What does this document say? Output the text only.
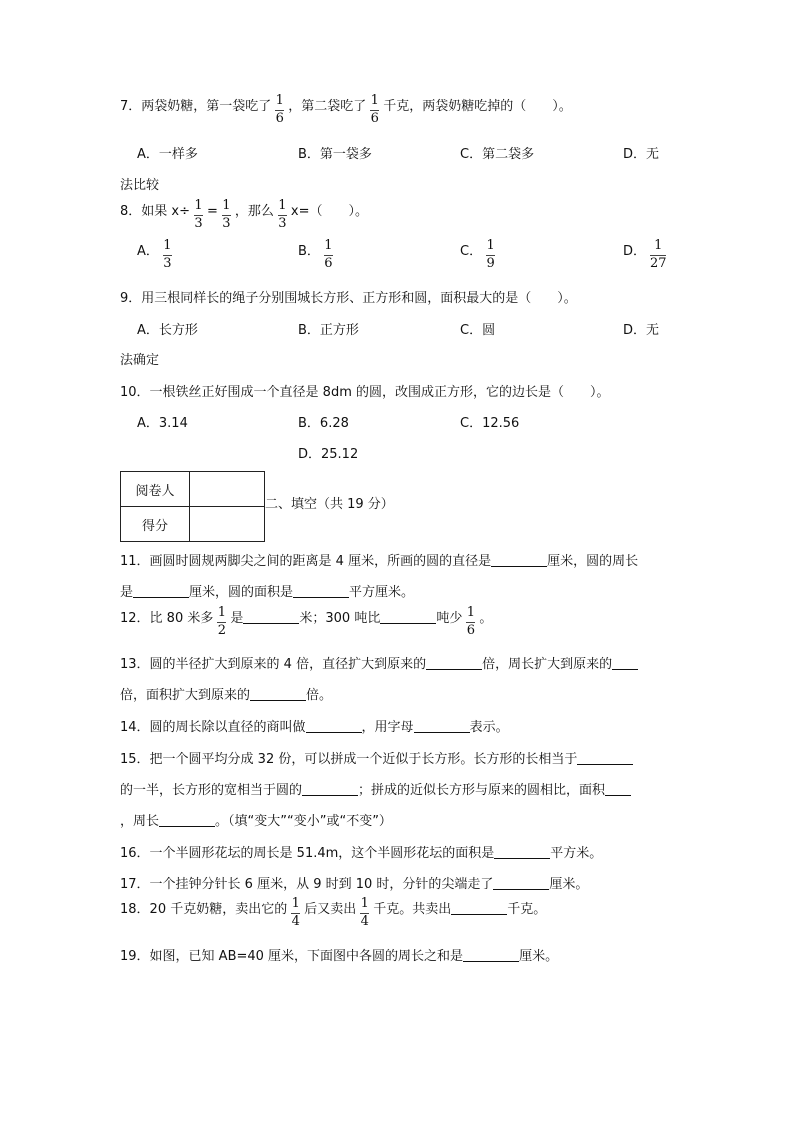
7．两袋奶糖，第一袋吃了 $\frac{1}{6}$ ，第二袋吃了 $\frac{1}{6}$ 千克，两袋奶糖吃掉的（　　）。
A．一样多	B．第一袋多	C．第二袋多	D．无
法比较
8．如果 $x\div \frac{1}{3} = \frac{1}{3}$ ，那么 $\frac{1}{3} x=$（　　）。
A． $\frac{1}{3}$	B． $\frac{1}{6}$	C． $\frac{1}{9}$	D． $\frac{1}{27}$
9．用三根同样长的绳子分别围城长方形、正方形和圆，面积最大的是（　　）。
A．长方形	B．正方形	C．圆	D．无
法确定
10．一根铁丝正好围成一个直径是 8dm 的圆，改围成正方形，它的边长是（　　）。
A．3.14	B．6.28	C．12.56
D．25.12
阅卷人	
得分	
二、填空（共 19 分）
11．画圆时圆规两脚尖之间的距离是 4 厘米，所画的圆的直径是	厘米，圆的周长
是	厘米，圆的面积是	平方厘米。
12．比 80 米多 $\frac{1}{2}$ 是	米；300 吨比	吨少 $\frac{1}{6}$ 。
13．圆的半径扩大到原来的 4 倍，直径扩大到原来的	倍，周长扩大到原来的
倍，面积扩大到原来的	倍。
14．圆的周长除以直径的商叫做	，用字母	表示。
15．把一个圆平均分成 32 份，可以拼成一个近似于长方形。长方形的长相当于
的一半，长方形的宽相当于圆的	；拼成的近似长方形与原来的圆相比，面积
，周长	。（填“变大”“变小”或“不变”）
16．一个半圆形花坛的周长是 51.4m，这个半圆形花坛的面积是	平方米。
17．一个挂钟分针长 6 厘米，从 9 时到 10 时，分针的尖端走了	厘米。
18．20 千克奶糖，卖出它的 $\frac{1}{4}$ 后又卖出 $\frac{1}{4}$ 千克。共卖出	千克。
19．如图，已知 AB=40 厘米，下面图中各圆的周长之和是	厘米。
